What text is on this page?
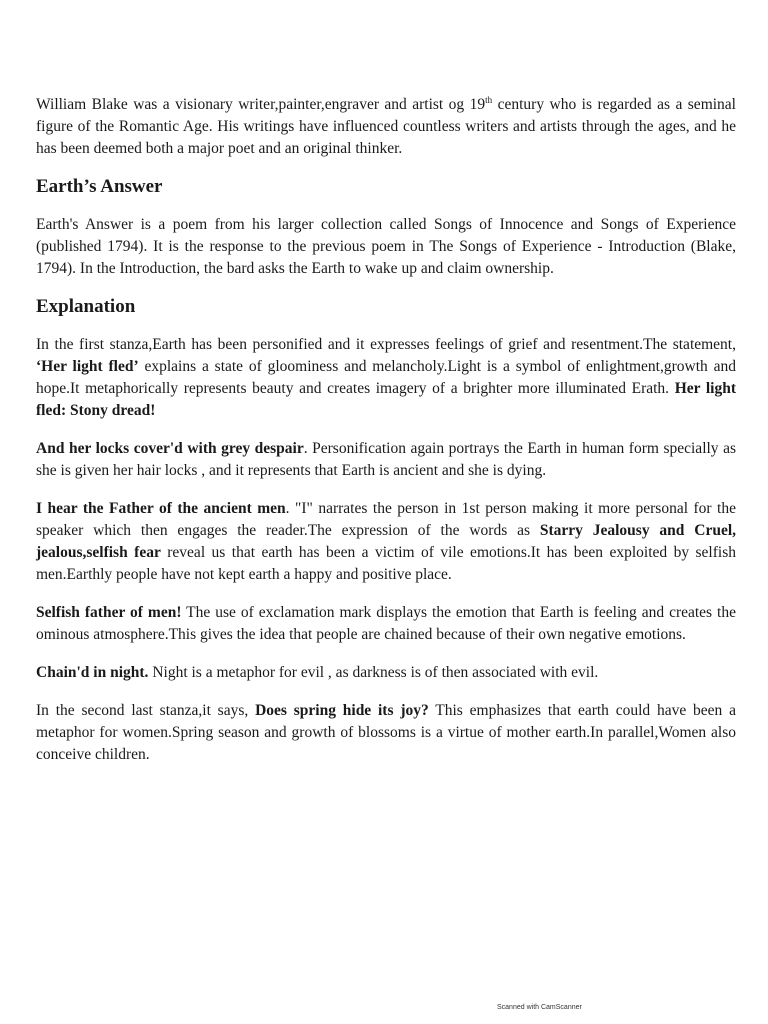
William Blake was a visionary writer,painter,engraver and artist og 19th century who is regarded as a seminal figure of the Romantic Age. His writings have influenced countless writers and artists through the ages, and he has been deemed both a major poet and an original thinker.

Earth’s Answer

Earth's Answer is a poem from his larger collection called Songs of Innocence and Songs of Experience (published 1794). It is the response to the previous poem in The Songs of Experience - Introduction (Blake, 1794). In the Introduction, the bard asks the Earth to wake up and claim ownership.

Explanation

In the first stanza,Earth has been personified and it expresses feelings of grief and resentment.The statement, ‘Her light fled’ explains a state of gloominess and melancholy.Light is a symbol of enlightment,growth and hope.It metaphorically represents beauty and creates imagery of a brighter more illuminated Erath. Her light fled: Stony dread!

And her locks cover'd with grey despair. Personification again portrays the Earth in human form specially as she is given her hair locks , and it represents that Earth is ancient and she is dying.

I hear the Father of the ancient men. "I" narrates the person in 1st person making it more personal for the speaker which then engages the reader.The expression of the words as Starry Jealousy and Cruel, jealous,selfish fear reveal us that earth has been a victim of vile emotions.It has been exploited by selfish men.Earthly people have not kept earth a happy and positive place.

Selfish father of men! The use of exclamation mark displays the emotion that Earth is feeling and creates the ominous atmosphere.This gives the idea that people are chained because of their own negative emotions.

Chain'd in night. Night is a metaphor for evil , as darkness is of then associated with evil.

In the second last stanza,it says, Does spring hide its joy? This emphasizes that earth could have been a metaphor for women.Spring season and growth of blossoms is a virtue of mother earth.In parallel,Women also conceive children.

Scanned with CamScanner
